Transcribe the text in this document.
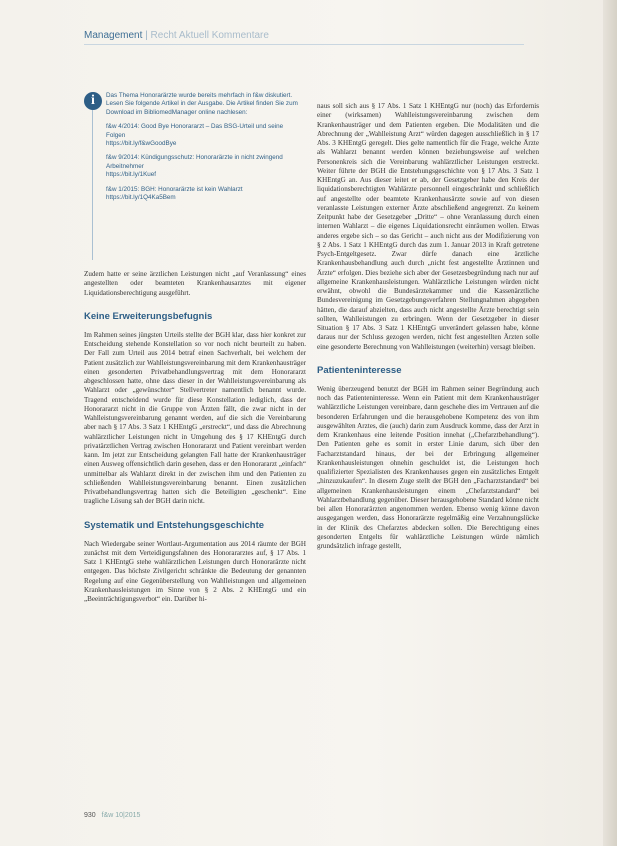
Management | Recht Aktuell Kommentare
i	Das Thema Honorarärzte wurde bereits mehrfach in f&w diskutiert. Lesen Sie folgende Artikel in der Ausgabe. Die Artikel finden Sie zum Download im BibliomedManager online nachlesen:

f&w 4/2014: Good Bye Honorararzt – Das BSG-Urteil und seine Folgen
https://bit.ly/f&wGoodBye

f&w 9/2014: Kündigungsschutz: Honorarärzte in nicht zwingend Arbeitnehmer
https://bit.ly/1Kuef

f&w 1/2015: BGH: Honorarärzte ist kein Wahlarzt
https://bit.ly/1Q4Ka5Bem

Zudem hatte er seine ärztlichen Leistungen nicht „auf Veranlassung“ eines angestellten oder beamteten Krankenhausarztes mit eigener Liquidationsberechtigung ausgeführt.

Keine Erweiterungsbefugnis

Im Rahmen seines jüngsten Urteils stellte der BGH klar, dass hier konkret zur Entscheidung stehende Konstellation so vor noch nicht beurteilt zu haben. Der Fall zum Urteil aus 2014 betraf einen Sachverhalt, bei welchem der Patient zusätzlich zur Wahlleistungsvereinbarung mit dem Krankenhausträger einen gesonderten Privatbehandlungsvertrag mit dem Honorararzt abgeschlossen hatte, ohne dass dieser in der Wahlleistungsvereinbarung als Wahlarzt oder „gewünschter“ Stellvertreter namentlich benannt wurde. Tragend entscheidend wurde für diese Konstellation lediglich, dass der Honorararzt nicht in die Gruppe von Ärzten fällt, die zwar nicht in der Wahlleistungsvereinbarung genannt werden, auf die sich die Vereinbarung aber nach § 17 Abs. 3 Satz 1 KHEntgG „erstreckt“, und dass die Abrechnung wahlärztlicher Leistungen nicht in Umgehung des § 17 KHEntgG durch privatärztlichen Vertrag zwischen Honorararzt und Patient vereinbart werden kann. Im jetzt zur Entscheidung gelangten Fall hatte der Krankenhausträger einen Ausweg offensichtlich darin gesehen, dass er den Honorararzt „einfach“ unmittelbar als Wahlarzt direkt in der zwischen ihm und den Patienten zu schließenden Wahlleistungsvereinbarung benannt. Einen zusätzlichen Privatbehandlungsvertrag hatten sich die Beteiligten „geschenkt“. Eine tragliche Lösung sah der BGH darin nicht.

Systematik und Entstehungsgeschichte

Nach Wiedergabe seiner Wortlaut-Argumentation aus 2014 räumte der BGH zunächst mit dem Verteidigungsfahnen des Honorararztes auf, § 17 Abs. 1 Satz 1 KHEntgG stehe wahlärztlichen Leistungen durch Honorarärzte nicht entgegen. Das höchste Zivilgericht schränkte die Bedeutung der genannten Regelung auf eine Gegenüberstellung von Wahlleistungen und allgemeinen Krankenhausleistungen im Sinne von § 2 Abs. 2 KHEntgG und ein „Beeinträchtigungsverbot“ ein. Darüber hi-

naus soll sich aus § 17 Abs. 1 Satz 1 KHEntgG nur (noch) das Erfordernis einer (wirksamen) Wahlleistungsvereinbarung zwischen dem Krankenhausträger und dem Patienten ergeben. Die Modalitäten und die Abrechnung der „Wahlleistung Arzt“ würden dagegen ausschließlich in § 17 Abs. 3 KHEntgG geregelt. Dies gelte namentlich für die Frage, welche Ärzte als Wahlarzt benannt werden können beziehungsweise auf welchen Personenkreis sich die Vereinbarung wahlärztlicher Leistungen erstreckt. Weiter führte der BGH die Entstehungsgeschichte von § 17 Abs. 3 Satz 1 KHEntgG an. Aus dieser leitet er ab, der Gesetzgeber habe den Kreis der liquidationsberechtigten Wahlärzte personnell eingeschränkt und schließlich auf angestellte oder beamtete Krankenhausärzte sowie auf von diesen veranlasste Leistungen externer Ärzte abschließend angegrenzt. Zu keinem Zeitpunkt habe der Gesetzgeber „Dritte“ – ohne Veranlassung durch einen internen Wahlarzt – die eigenes Liquidationsrecht einräumen wollen. Etwas anderes ergebe sich – so das Gericht – auch nicht aus der Modifizierung von § 2 Abs. 1 Satz 1 KHEntgG durch das zum 1. Januar 2013 in Kraft getretene Psych-Entgeltgesetz. Zwar dürfe danach eine ärztliche Krankenhausbehandlung auch durch „nicht fest angestellte Ärztinnen und Ärzte“ erfolgen. Dies beziehe sich aber der Gesetzesbegründung nach nur auf allgemeine Krankenhausleistungen. Wahlärztliche Leistungen würden nicht erwähnt, obwohl die Bundesärztekammer und die Kassenärztliche Bundesvereinigung im Gesetzgebungsverfahren Stellungnahmen abgegeben hätten, die darauf abzielten, dass auch nicht angestellte Ärzte berechtigt sein sollten, Wahlleistungen zu erbringen. Wenn der Gesetzgeber in dieser Situation § 17 Abs. 3 Satz 1 KHEntgG unverändert gelassen habe, könne daraus nur der Schluss gezogen werden, nicht fest angestellten Ärzten solle eine gesonderte Berechnung von Wahlleistungen (weiterhin) versagt bleiben.

Patienteninteresse

Wenig überzeugend benutzt der BGH im Rahmen seiner Begründung auch noch das Patienteninteresse. Wenn ein Patient mit dem Krankenhausträger wahlärztliche Leistungen vereinbare, dann geschehe dies im Vertrauen auf die besonderen Erfahrungen und die herausgehobene Kompetenz des von ihm ausgewählten Arztes, die (auch) darin zum Ausdruck komme, dass der Arzt in dem Krankenhaus eine leitende Position innehat („Chefarztbehandlung“). Den Patienten gehe es somit in erster Linie darum, sich über den Facharztstandard hinaus, der bei der Erbringung allgemeiner Krankenhausleistungen ohnehin geschuldet ist, die Leistungen hoch qualifizierter Spezialisten des Krankenhauses gegen ein zusätzliches Entgelt „hinzuzukaufen“. In diesem Zuge stellt der BGH den „Facharztstandard“ bei allgemeinen Krankenhausleistungen einem „Chefarztstandard“ bei Wahlarztbehandlung gegenüber. Dieser herausgehobene Standard könne nicht bei allen Honorarärzten angenommen werden. Ebenso wenig könne davon ausgegangen werden, dass Honorarärzte regelmäßig eine Verzahnungslücke in der Klinik des Chefarztes abdecken sollen. Die Berechtigung eines gesonderten Entgelts für wahlärztliche Leistungen würde nämlich grundsätzlich infrage gestellt,

930 f&w 10|2015
